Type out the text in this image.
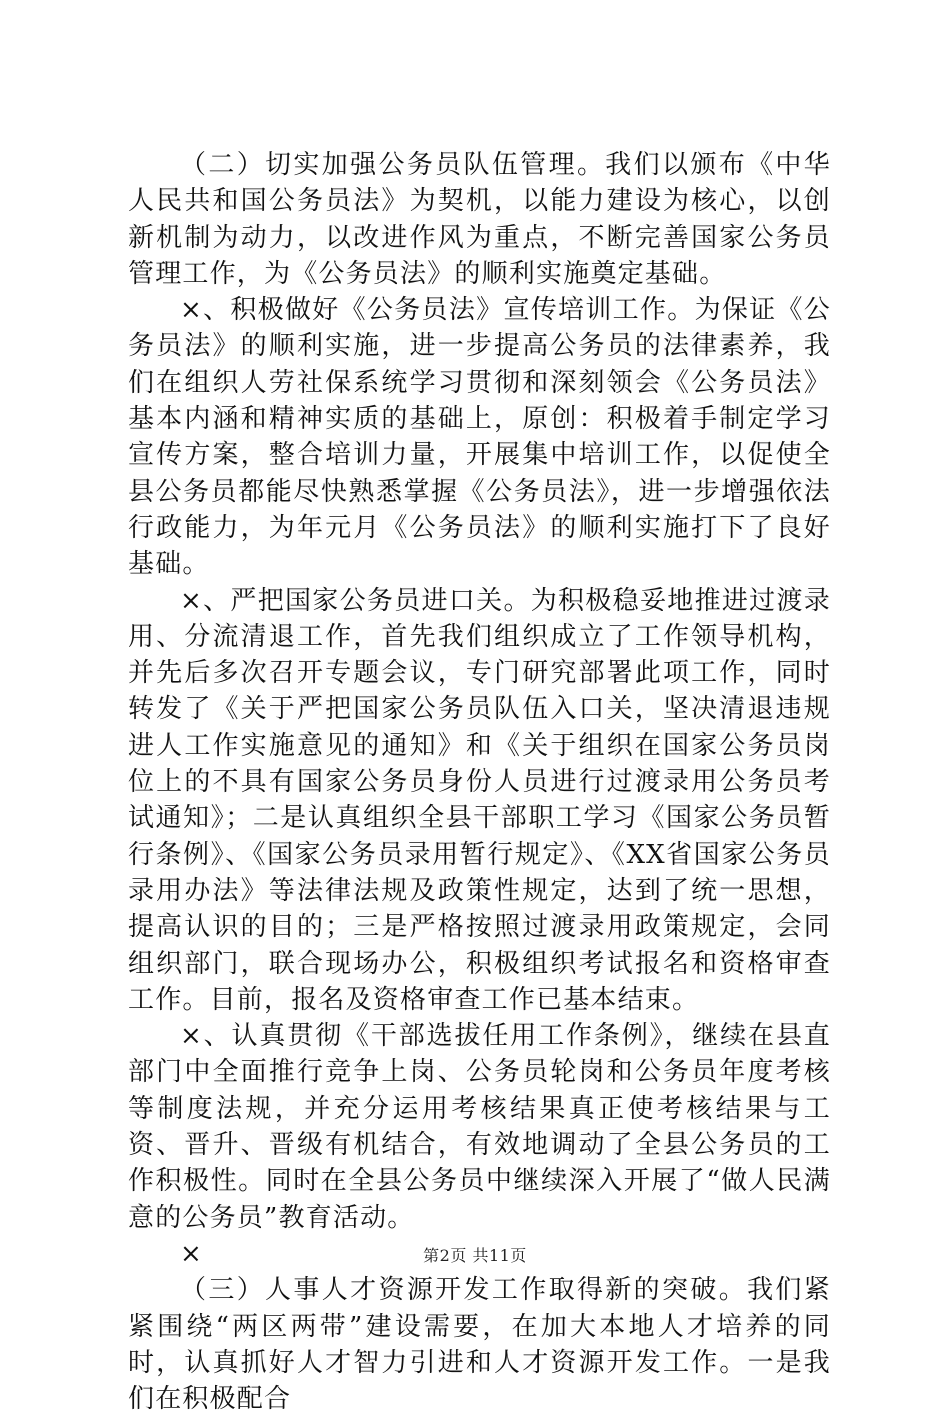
（二）切实加强公务员队伍管理。我们以颁布《中华人民共和国公务员法》为契机，以能力建设为核心，以创新机制为动力，以改进作风为重点，不断完善国家公务员管理工作，为《公务员法》的顺利实施奠定基础。

×、积极做好《公务员法》宣传培训工作。为保证《公务员法》的顺利实施，进一步提高公务员的法律素养，我们在组织人劳社保系统学习贯彻和深刻领会《公务员法》基本内涵和精神实质的基础上，原创：积极着手制定学习宣传方案，整合培训力量，开展集中培训工作，以促使全县公务员都能尽快熟悉掌握《公务员法》，进一步增强依法行政能力，为年元月《公务员法》的顺利实施打下了良好基础。

×、严把国家公务员进口关。为积极稳妥地推进过渡录用、分流清退工作，首先我们组织成立了工作领导机构，并先后多次召开专题会议，专门研究部署此项工作，同时转发了《关于严把国家公务员队伍入口关，坚决清退违规进人工作实施意见的通知》和《关于组织在国家公务员岗位上的不具有国家公务员身份人员进行过渡录用公务员考试通知》；二是认真组织全县干部职工学习《国家公务员暂行条例》、《国家公务员录用暂行规定》、《XX省国家公务员录用办法》等法律法规及政策性规定，达到了统一思想，提高认识的目的；三是严格按照过渡录用政策规定，会同组织部门，联合现场办公，积极组织考试报名和资格审查工作。目前，报名及资格审查工作已基本结束。

×、认真贯彻《干部选拔任用工作条例》，继续在县直部门中全面推行竞争上岗、公务员轮岗和公务员年度考核等制度法规，并充分运用考核结果真正使考核结果与工资、晋升、晋级有机结合，有效地调动了全县公务员的工作积极性。同时在全县公务员中继续深入开展了“做人民满意的公务员”教育活动。

×

（三）人事人才资源开发工作取得新的突破。我们紧紧围绕“两区两带”建设需要，在加大本地人才培养的同时，认真抓好人才智力引进和人才资源开发工作。一是我们在积极配合

第2页 共11页
